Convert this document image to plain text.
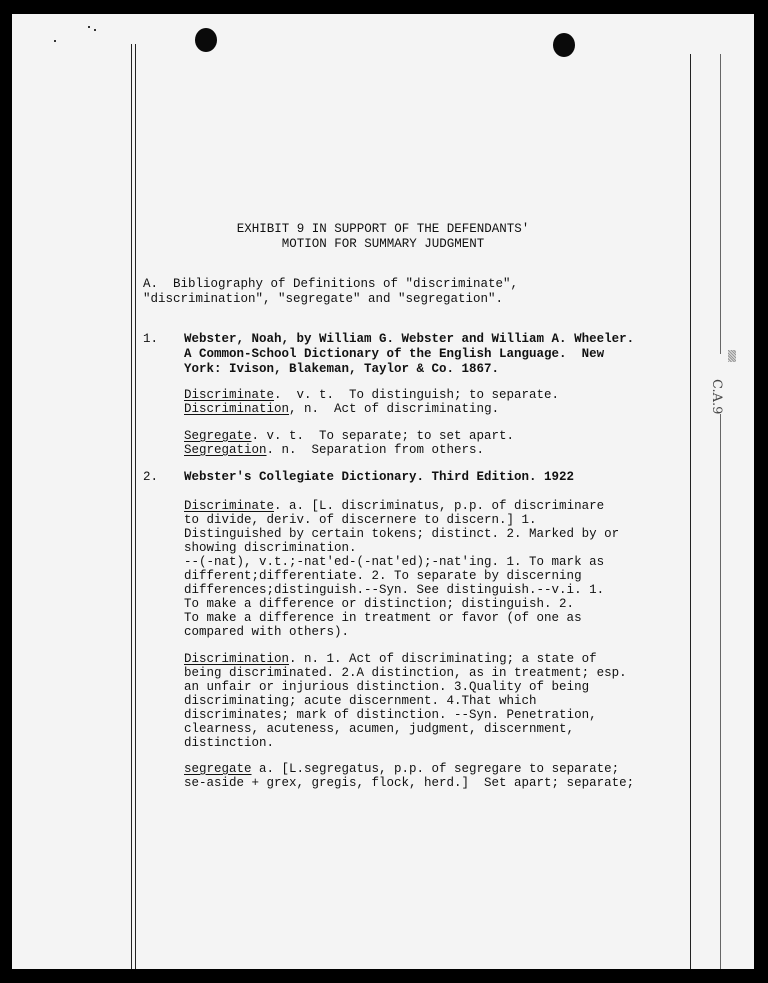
C.A.9
EXHIBIT 9 IN SUPPORT OF THE DEFENDANTS'
MOTION FOR SUMMARY JUDGMENT
A.  Bibliography of Definitions of "discriminate",
"discrimination", "segregate" and "segregation".
1. Webster, Noah, by William G. Webster and William A. Wheeler.
A Common-School Dictionary of the English Language.  New
York: Ivison, Blakeman, Taylor & Co. 1867.
Discriminate.  v. t.  To distinguish; to separate.
Discrimination, n.  Act of discriminating.
Segregate. v. t.  To separate; to set apart.
Segregation. n.  Separation from others.
2. Webster's Collegiate Dictionary. Third Edition. 1922
Discriminate. a. [L. discriminatus, p.p. of discriminare
to divide, deriv. of discernere to discern.] 1.
Distinguished by certain tokens; distinct. 2. Marked by or
showing discrimination.
--(-nat), v.t.;-nat'ed-(-nat'ed);-nat'ing. 1. To mark as
different;differentiate. 2. To separate by discerning
differences;distinguish.--Syn. See distinguish.--v.i. 1.
To make a difference or distinction; distinguish. 2.
To make a difference in treatment or favor (of one as
compared with others).
Discrimination. n. 1. Act of discriminating; a state of
being discriminated. 2.A distinction, as in treatment; esp.
an unfair or injurious distinction. 3.Quality of being
discriminating; acute discernment. 4.That which
discriminates; mark of distinction. --Syn. Penetration,
clearness, acuteness, acumen, judgment, discernment,
distinction.
segregate a. [L.segregatus, p.p. of segregare to separate;
se-aside + grex, gregis, flock, herd.]  Set apart; separate;
